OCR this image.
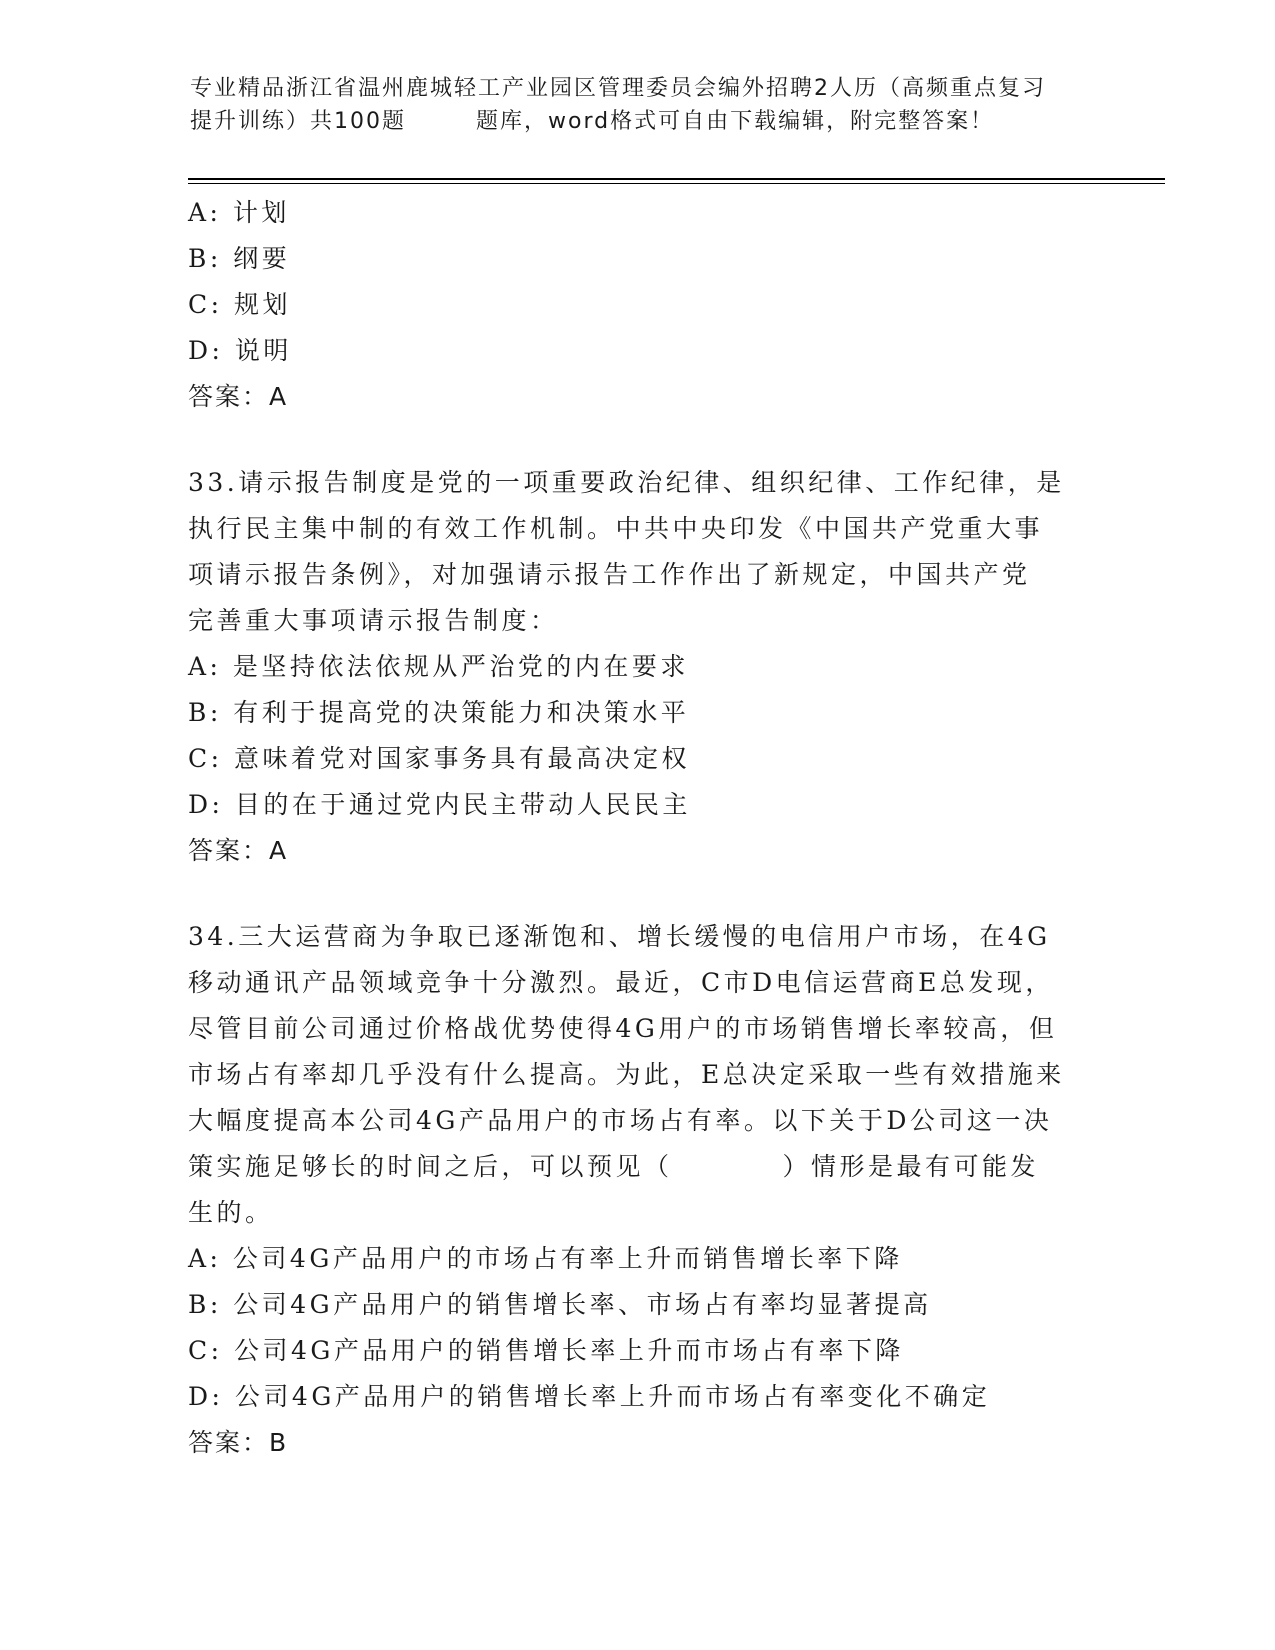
专业精品浙江省温州鹿城轻工产业园区管理委员会编外招聘2人历（高频重点复习
提升训练）共100题	题库，word格式可自由下载编辑，附完整答案！
A: 计划
B: 纲要
C: 规划
D: 说明
答案：A
33.请示报告制度是党的一项重要政治纪律、组织纪律、工作纪律，是
执行民主集中制的有效工作机制。中共中央印发《中国共产党重大事
项请示报告条例》，对加强请示报告工作作出了新规定，中国共产党
完善重大事项请示报告制度：
A: 是坚持依法依规从严治党的内在要求
B: 有利于提高党的决策能力和决策水平
C: 意味着党对国家事务具有最高决定权
D: 目的在于通过党内民主带动人民民主
答案：A
34.三大运营商为争取已逐渐饱和、增长缓慢的电信用户市场，在4G
移动通讯产品领域竞争十分激烈。最近，C市D电信运营商E总发现，
尽管目前公司通过价格战优势使得4G用户的市场销售增长率较高，但
市场占有率却几乎没有什么提高。为此，E总决定采取一些有效措施来
大幅度提高本公司4G产品用户的市场占有率。以下关于D公司这一决
策实施足够长的时间之后，可以预见（	）情形是最有可能发
生的。
A: 公司4G产品用户的市场占有率上升而销售增长率下降
B: 公司4G产品用户的销售增长率、市场占有率均显著提高
C: 公司4G产品用户的销售增长率上升而市场占有率下降
D: 公司4G产品用户的销售增长率上升而市场占有率变化不确定
答案：B
